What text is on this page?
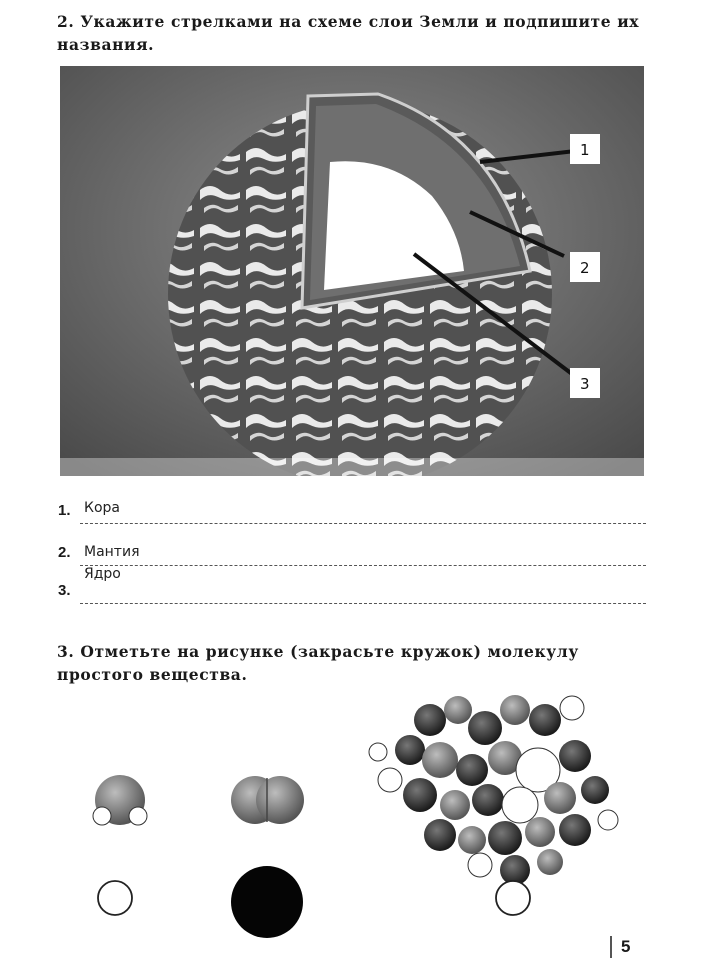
2. Укажите стрелками на схеме слои Земли и подпишите их названия.

1
2
3
1. Кора
2. Мантия
3.
Ядро

3. Отметьте на рисунке (закрасьте кружок) молекулу простого вещества.

5
